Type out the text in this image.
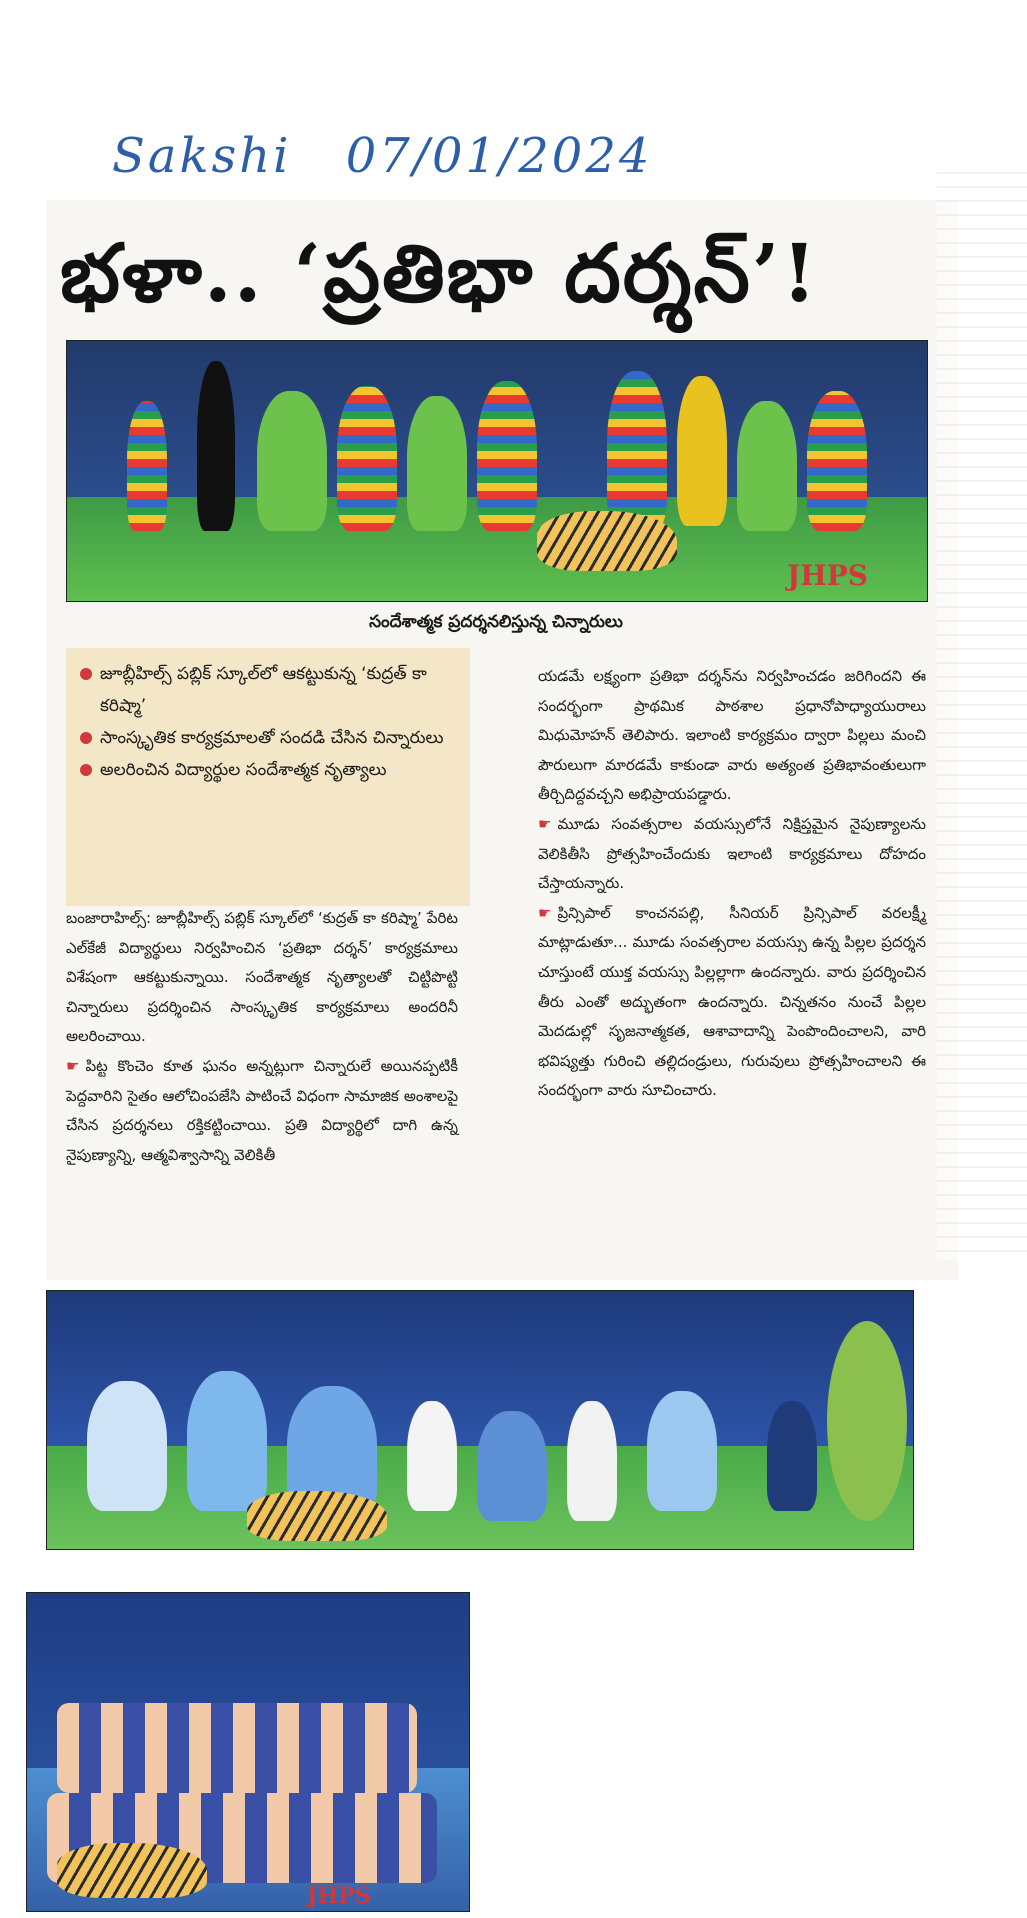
Sakshi 07/01/2024
భళా.. ‘ప్రతిభా దర్శన్’!
JHPS
సందేశాత్మక ప్రదర్శనలిస్తున్న చిన్నారులు
జూబ్లీహిల్స్ పబ్లిక్ స్కూల్‌లో ఆకట్టుకున్న ‘కుద్రత్ కా కరిష్మా’
సాంస్కృతిక కార్యక్రమాలతో సందడి చేసిన చిన్నారులు
అలరించిన విద్యార్థుల సందేశాత్మక నృత్యాలు

బంజారాహిల్స్: జూబ్లీహిల్స్ పబ్లిక్ స్కూల్‌లో ‘కుద్రత్ కా కరిష్మా’ పేరిట ఎల్‌కేజీ విద్యార్థులు నిర్వహించిన ‘ప్రతిభా దర్శన్’ కార్యక్రమాలు విశేషంగా ఆకట్టుకున్నాయి. సందేశాత్మక నృత్యాలతో చిట్టిపొట్టి చిన్నారులు ప్రదర్శించిన సాంస్కృతిక కార్యక్రమాలు అందరినీ అలరించాయి.

☛ పిట్ట కొంచెం కూత ఘనం అన్నట్లుగా చిన్నారులే అయినప్పటికీ పెద్దవారిని సైతం ఆలోచింపజేసి పాటించే విధంగా సామాజిక అంశాలపై చేసిన ప్రదర్శనలు రక్తికట్టించాయి. ప్రతి విద్యార్థిలో దాగి ఉన్న నైపుణ్యాన్ని, ఆత్మవిశ్వాసాన్ని వెలికితీ

యడమే లక్ష్యంగా ప్రతిభా దర్శన్‌ను నిర్వహించడం జరిగిందని ఈ సందర్భంగా ప్రాథమిక పాఠశాల ప్రధానోపాధ్యాయురాలు మిధుమోహన్ తెలిపారు. ఇలాంటి కార్యక్రమం ద్వారా పిల్లలు మంచి పౌరులుగా మారడమే కాకుండా వారు అత్యంత ప్రతిభావంతులుగా తీర్చిదిద్దవచ్చని అభిప్రాయపడ్డారు.

☛ మూడు సంవత్సరాల వయస్సులోనే నిక్షిప్తమైన నైపుణ్యాలను వెలికితీసి ప్రోత్సహించేందుకు ఇలాంటి కార్యక్రమాలు దోహదం చేస్తాయన్నారు.

☛ ప్రిన్సిపాల్ కాంచనపల్లి, సీనియర్ ప్రిన్సిపాల్ వరలక్ష్మీ మాట్లాడుతూ... మూడు సంవత్సరాల వయస్సు ఉన్న పిల్లల ప్రదర్శన చూస్తుంటే యుక్త వయస్సు పిల్లల్లాగా ఉందన్నారు. వారు ప్రదర్శించిన తీరు ఎంతో అద్భుతంగా ఉందన్నారు. చిన్నతనం నుంచే పిల్లల మెదడుల్లో సృజనాత్మకత, ఆశావాదాన్ని పెంపొందించాలని, వారి భవిష్యత్తు గురించి తల్లిదండ్రులు, గురువులు ప్రోత్సహించాలని ఈ సందర్భంగా వారు సూచించారు.

JHPS
